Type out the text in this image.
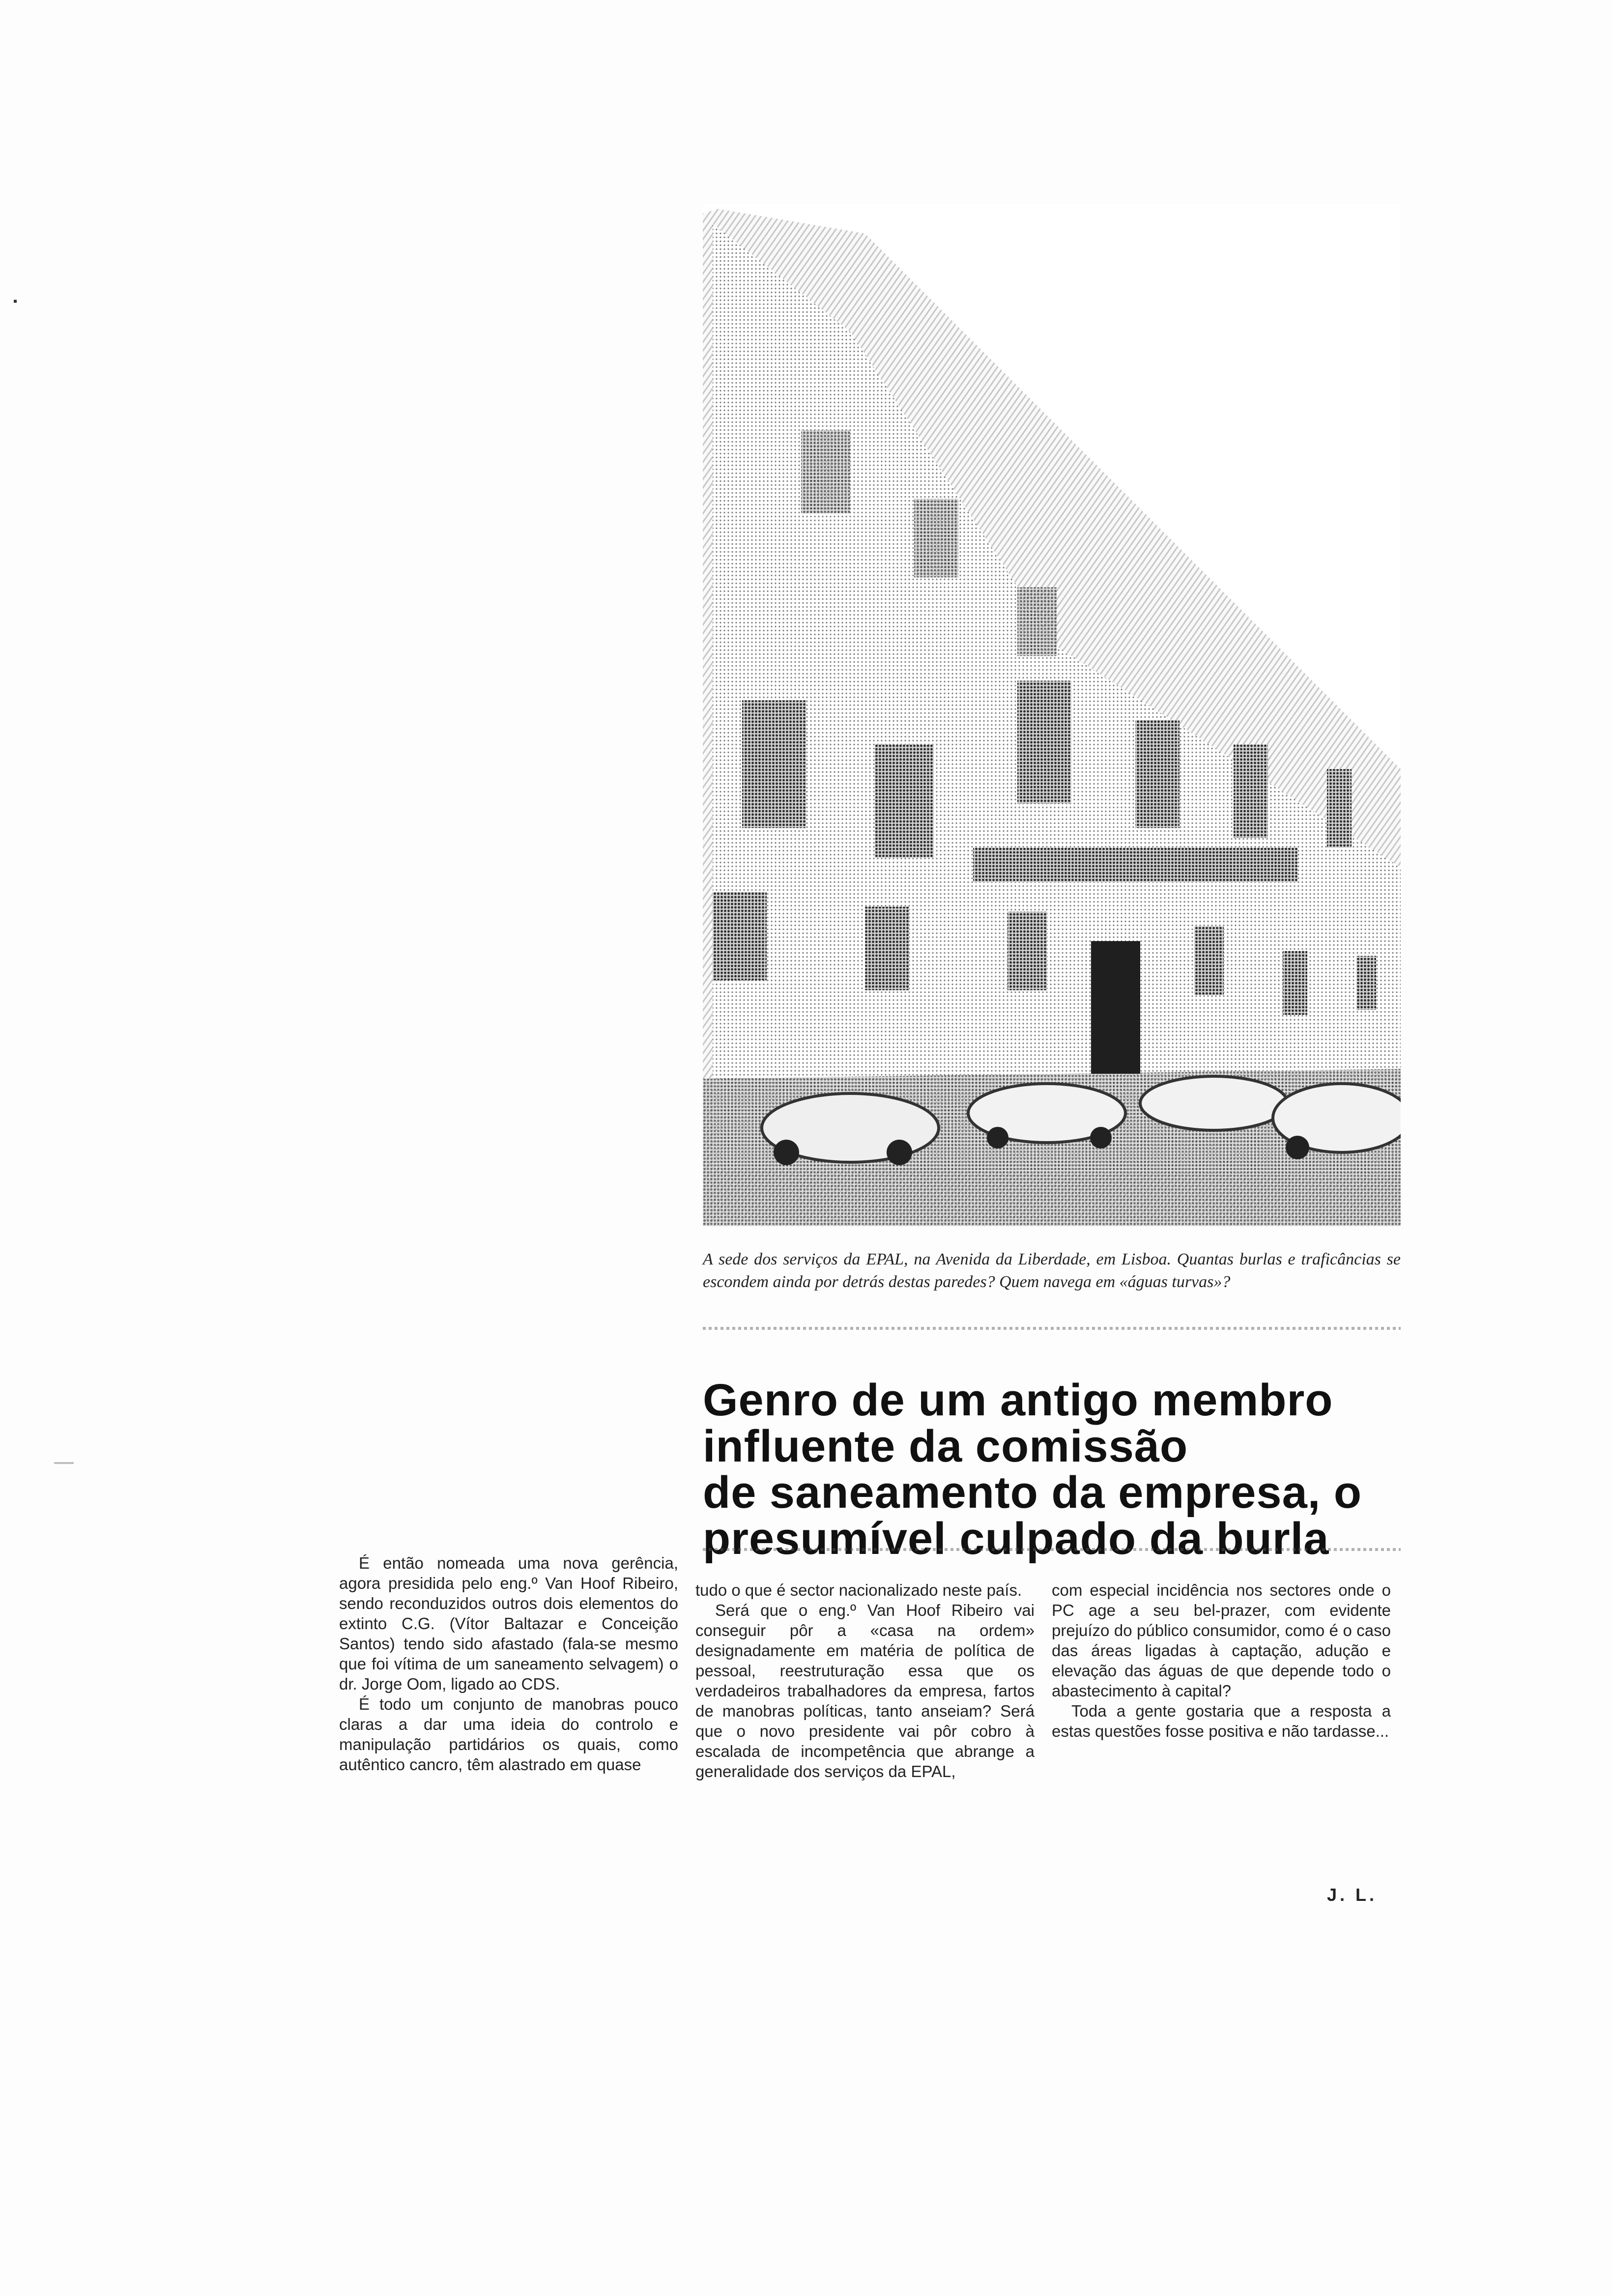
A sede dos serviços da EPAL, na Avenida da Liberdade, em Lisboa. Quantas burlas e traficâncias se escondem ainda por detrás destas paredes? Quem navega em «águas turvas»?
Genro de um antigo membro
influente da comissão
de saneamento da empresa, o
presumível culpado da burla

É então nomeada uma nova gerência, agora presidida pelo eng.º Van Hoof Ribeiro, sendo reconduzidos outros dois elementos do extinto C.G. (Vítor Baltazar e Conceição Santos) tendo sido afastado (fala-se mesmo que foi vítima de um saneamento selvagem) o dr. Jorge Oom, ligado ao CDS.

É todo um conjunto de manobras pouco claras a dar uma ideia do controlo e manipulação partidários os quais, como autêntico cancro, têm alastrado em quase

tudo o que é sector nacionalizado neste país.

Será que o eng.º Van Hoof Ribeiro vai conseguir pôr a «casa na ordem» designadamente em matéria de política de pessoal, reestruturação essa que os verdadeiros trabalhadores da empresa, fartos de manobras políticas, tanto anseiam? Será que o novo presidente vai pôr cobro à escalada de incompetência que abrange a generalidade dos serviços da EPAL,

com especial incidência nos sectores onde o PC age a seu bel-prazer, com evidente prejuízo do público consumidor, como é o caso das áreas ligadas à captação, adução e elevação das águas de que depende todo o abastecimento à capital?

Toda a gente gostaria que a resposta a estas questões fosse positiva e não tardasse...

J. L.
